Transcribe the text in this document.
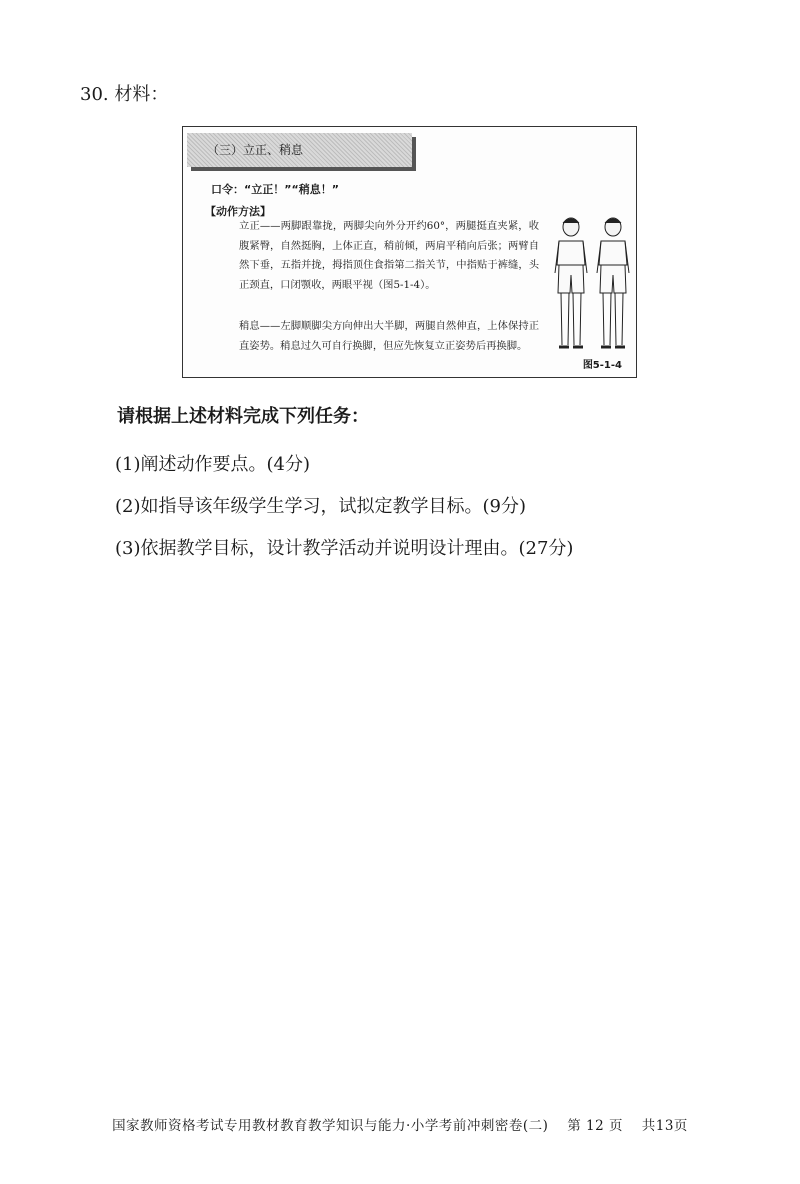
30. 材料：
（三）立正、稍息
口令：“立正！”“稍息！”
【动作方法】
立正——两脚跟靠拢，两脚尖向外分开约60°，两腿挺直夹紧，收腹紧臀，自然挺胸，上体正直，稍前倾，两肩平稍向后张；两臂自然下垂，五指并拢，拇指顶住食指第二指关节，中指贴于裤缝，头正颈直，口闭颚收，两眼平视（图5-1-4）。
稍息——左脚顺脚尖方向伸出大半脚，两腿自然伸直，上体保持正直姿势。稍息过久可自行换脚，但应先恢复立正姿势后再换脚。
图5-1-4
请根据上述材料完成下列任务：
(1)阐述动作要点。(4分)
(2)如指导该年级学生学习，试拟定教学目标。(9分)
(3)依据教学目标，设计教学活动并说明设计理由。(27分)
国家教师资格考试专用教材教育教学知识与能力·小学考前冲刺密卷(二) 第 12 页 共13页
